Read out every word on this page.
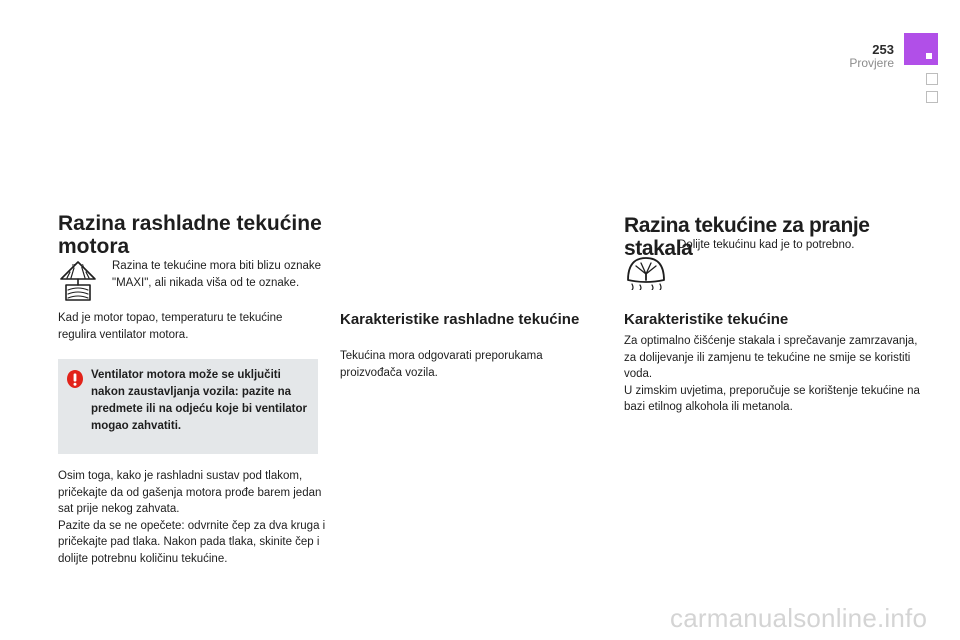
253
Provjere
Razina rashladne tekućine motora
F A Razina te tekućine mora biti blizu oznake "MAXI", ali nikada viša od te oznake.

Kad je motor topao, temperaturu te tekućine regulira ventilator motora.

Ventilator motora može se uključiti nakon zaustavljanja vozila: pazite na predmete ili na odjeću koje bi ventilator mogao zahvatiti.

Osim toga, kako je rashladni sustav pod tlakom, pričekajte da od gašenja motora prođe barem jedan sat prije nekog zahvata.
Pazite da se ne opečete: odvrnite čep za dva kruga i pričekajte pad tlaka. Nakon pada tlaka, skinite čep i dolijte potrebnu količinu tekućine.

Karakteristike rashladne tekućine

Tekućina mora odgovarati preporukama proizvođača vozila.

Razina tekućine za pranje stakala

Dolijte tekućinu kad je to potrebno.

Karakteristike tekućine

Za optimalno čišćenje stakala i sprečavanje zamrzavanja, za dolijevanje ili zamjenu te tekućine ne smije se koristiti voda.
U zimskim uvjetima, preporučuje se korištenje tekućine na bazi etilnog alkohola ili metanola.

carmanualsonline.info
